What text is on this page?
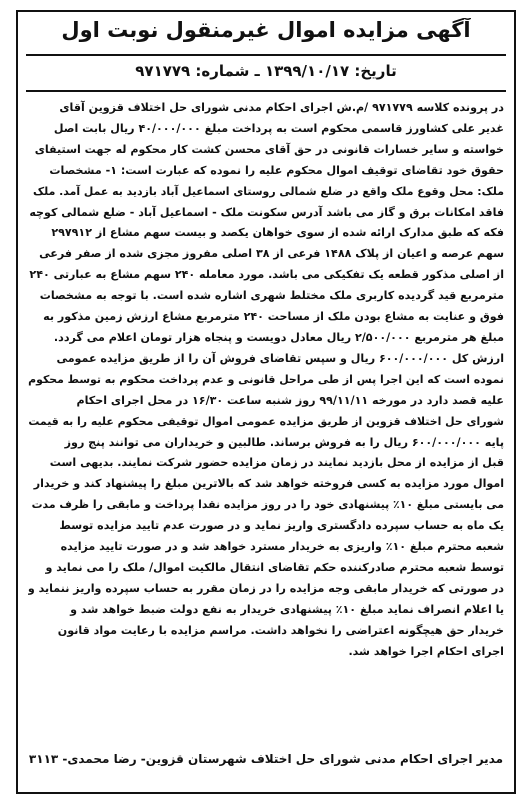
آگهی مزایده اموال غیرمنقول نوبت اول
تاریخ: ۱۳۹۹/۱۰/۱۷ ـ شماره: ۹۷۱۷۷۹
در پرونده کلاسه ۹۷۱۷۷۹ /م.ش اجرای احکام مدنی شورای حل اختلاف قزوین آقای
غدیر علی کشاورز قاسمی محکوم است به پرداخت مبلغ ۴۰/۰۰۰/۰۰۰ ریال بابت اصل
خواسته و سایر خسارات قانونی در حق آقای محسن کشت کار محکوم له جهت استیفای
حقوق خود تقاضای توقیف اموال محکوم علیه را نموده که عبارت است: ۱- مشخصات
ملک: محل وقوع ملک واقع در ضلع شمالی روستای اسماعیل آباد بازدید به عمل آمد. ملک
فاقد امکانات برق و گاز می باشد آدرس سکونت ملک - اسماعیل آباد - ضلع شمالی کوچه
فکه که طبق مدارک ارائه شده از سوی خواهان یکصد و بیست سهم مشاع از ۲۹۷۹۱۲
سهم عرصه و اعیان از پلاک ۱۴۸۸ فرعی از ۳۸ اصلی مفروز مجزی شده از صفر فرعی
از اصلی مذکور قطعه یک تفکیکی می باشد. مورد معامله ۲۴۰ سهم مشاع به عبارتی ۲۴۰
مترمربع قید گردیده کاربری ملک مختلط شهری اشاره شده است. با توجه به مشخصات
فوق و عنایت به مشاع بودن ملک از مساحت ۲۴۰ مترمربع مشاع ارزش زمین مذکور به
مبلغ هر مترمربع ۲/۵۰۰/۰۰۰ ریال معادل دویست و پنجاه هزار تومان اعلام می گردد.
ارزش کل ۶۰۰/۰۰۰/۰۰۰ ریال و سپس تقاضای فروش آن را از طریق مزایده عمومی
نموده است که این اجرا پس از طی مراحل قانونی و عدم پرداخت محکوم به توسط محکوم
علیه قصد دارد در مورخه ۹۹/۱۱/۱۱ روز شنبه ساعت ۱۶/۳۰ در محل اجرای احکام
شورای حل اختلاف قزوین از طریق مزایده عمومی اموال توقیفی محکوم علیه را به قیمت
پایه ۶۰۰/۰۰۰/۰۰۰ ریال را به فروش برساند. طالبین و خریداران می توانند پنج روز
قبل از مزایده از محل بازدید نمایند در زمان مزایده حضور شرکت نمایند. بدیهی است
اموال مورد مزایده به کسی فروخته خواهد شد که بالاترین مبلغ را پیشنهاد کند و خریدار
می بایستی مبلغ ۱۰٪ پیشنهادی خود را در روز مزایده نقدا پرداخت و مابقی را ظرف مدت
یک ماه به حساب سپرده دادگستری واریز نماید و در صورت عدم تایید مزایده توسط
شعبه محترم مبلغ ۱۰٪ واریزی به خریدار مسترد خواهد شد و در صورت تایید مزایده
توسط شعبه محترم صادرکننده حکم تقاضای انتقال مالکیت اموال/ ملک را می نماید و
در صورتی که خریدار مابقی وجه مزایده را در زمان مقرر به حساب سپرده واریز ننماید و
یا اعلام انصراف نماید مبلغ ۱۰٪ پیشنهادی خریدار به نفع دولت ضبط خواهد شد و
خریدار حق هیچگونه اعتراضی را نخواهد داشت. مراسم مزایده با رعایت مواد قانون
اجرای احکام اجرا خواهد شد.
مدیر اجرای احکام مدنی شورای حل اختلاف شهرستان قزوین- رضا محمدی- ۳۱۱۳
